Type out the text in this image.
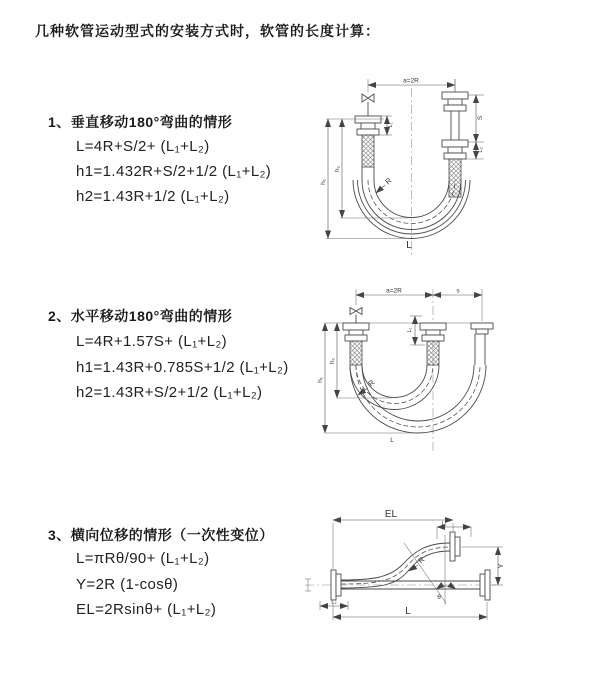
几种软管运动型式的安装方式时，软管的长度计算：
1、垂直移动180°弯曲的情形
L=4R+S/2+ (L₁+L₂)
h1=1.432R+S/2+1/2 (L₁+L₂)
h2=1.43R+1/2 (L₁+L₂)
a=2R
h₂
h₁
S
L₂
L₁
R
L
2、水平移动180°弯曲的情形
L=4R+1.57S+ (L₁+L₂)
h1=1.43R+0.785S+1/2 (L₁+L₂)
h2=1.43R+S/2+1/2 (L₁+L₂)
a=2R	s
h₂
h₁
L₁
R
L
3、横向位移的情形（一次性变位）
L=πRθ/90+ (L₁+L₂)
Y=2R (1-cosθ)
EL=2Rsinθ+ (L₁+L₂)
EL
L₁
θ
R
Y
L₂
L
